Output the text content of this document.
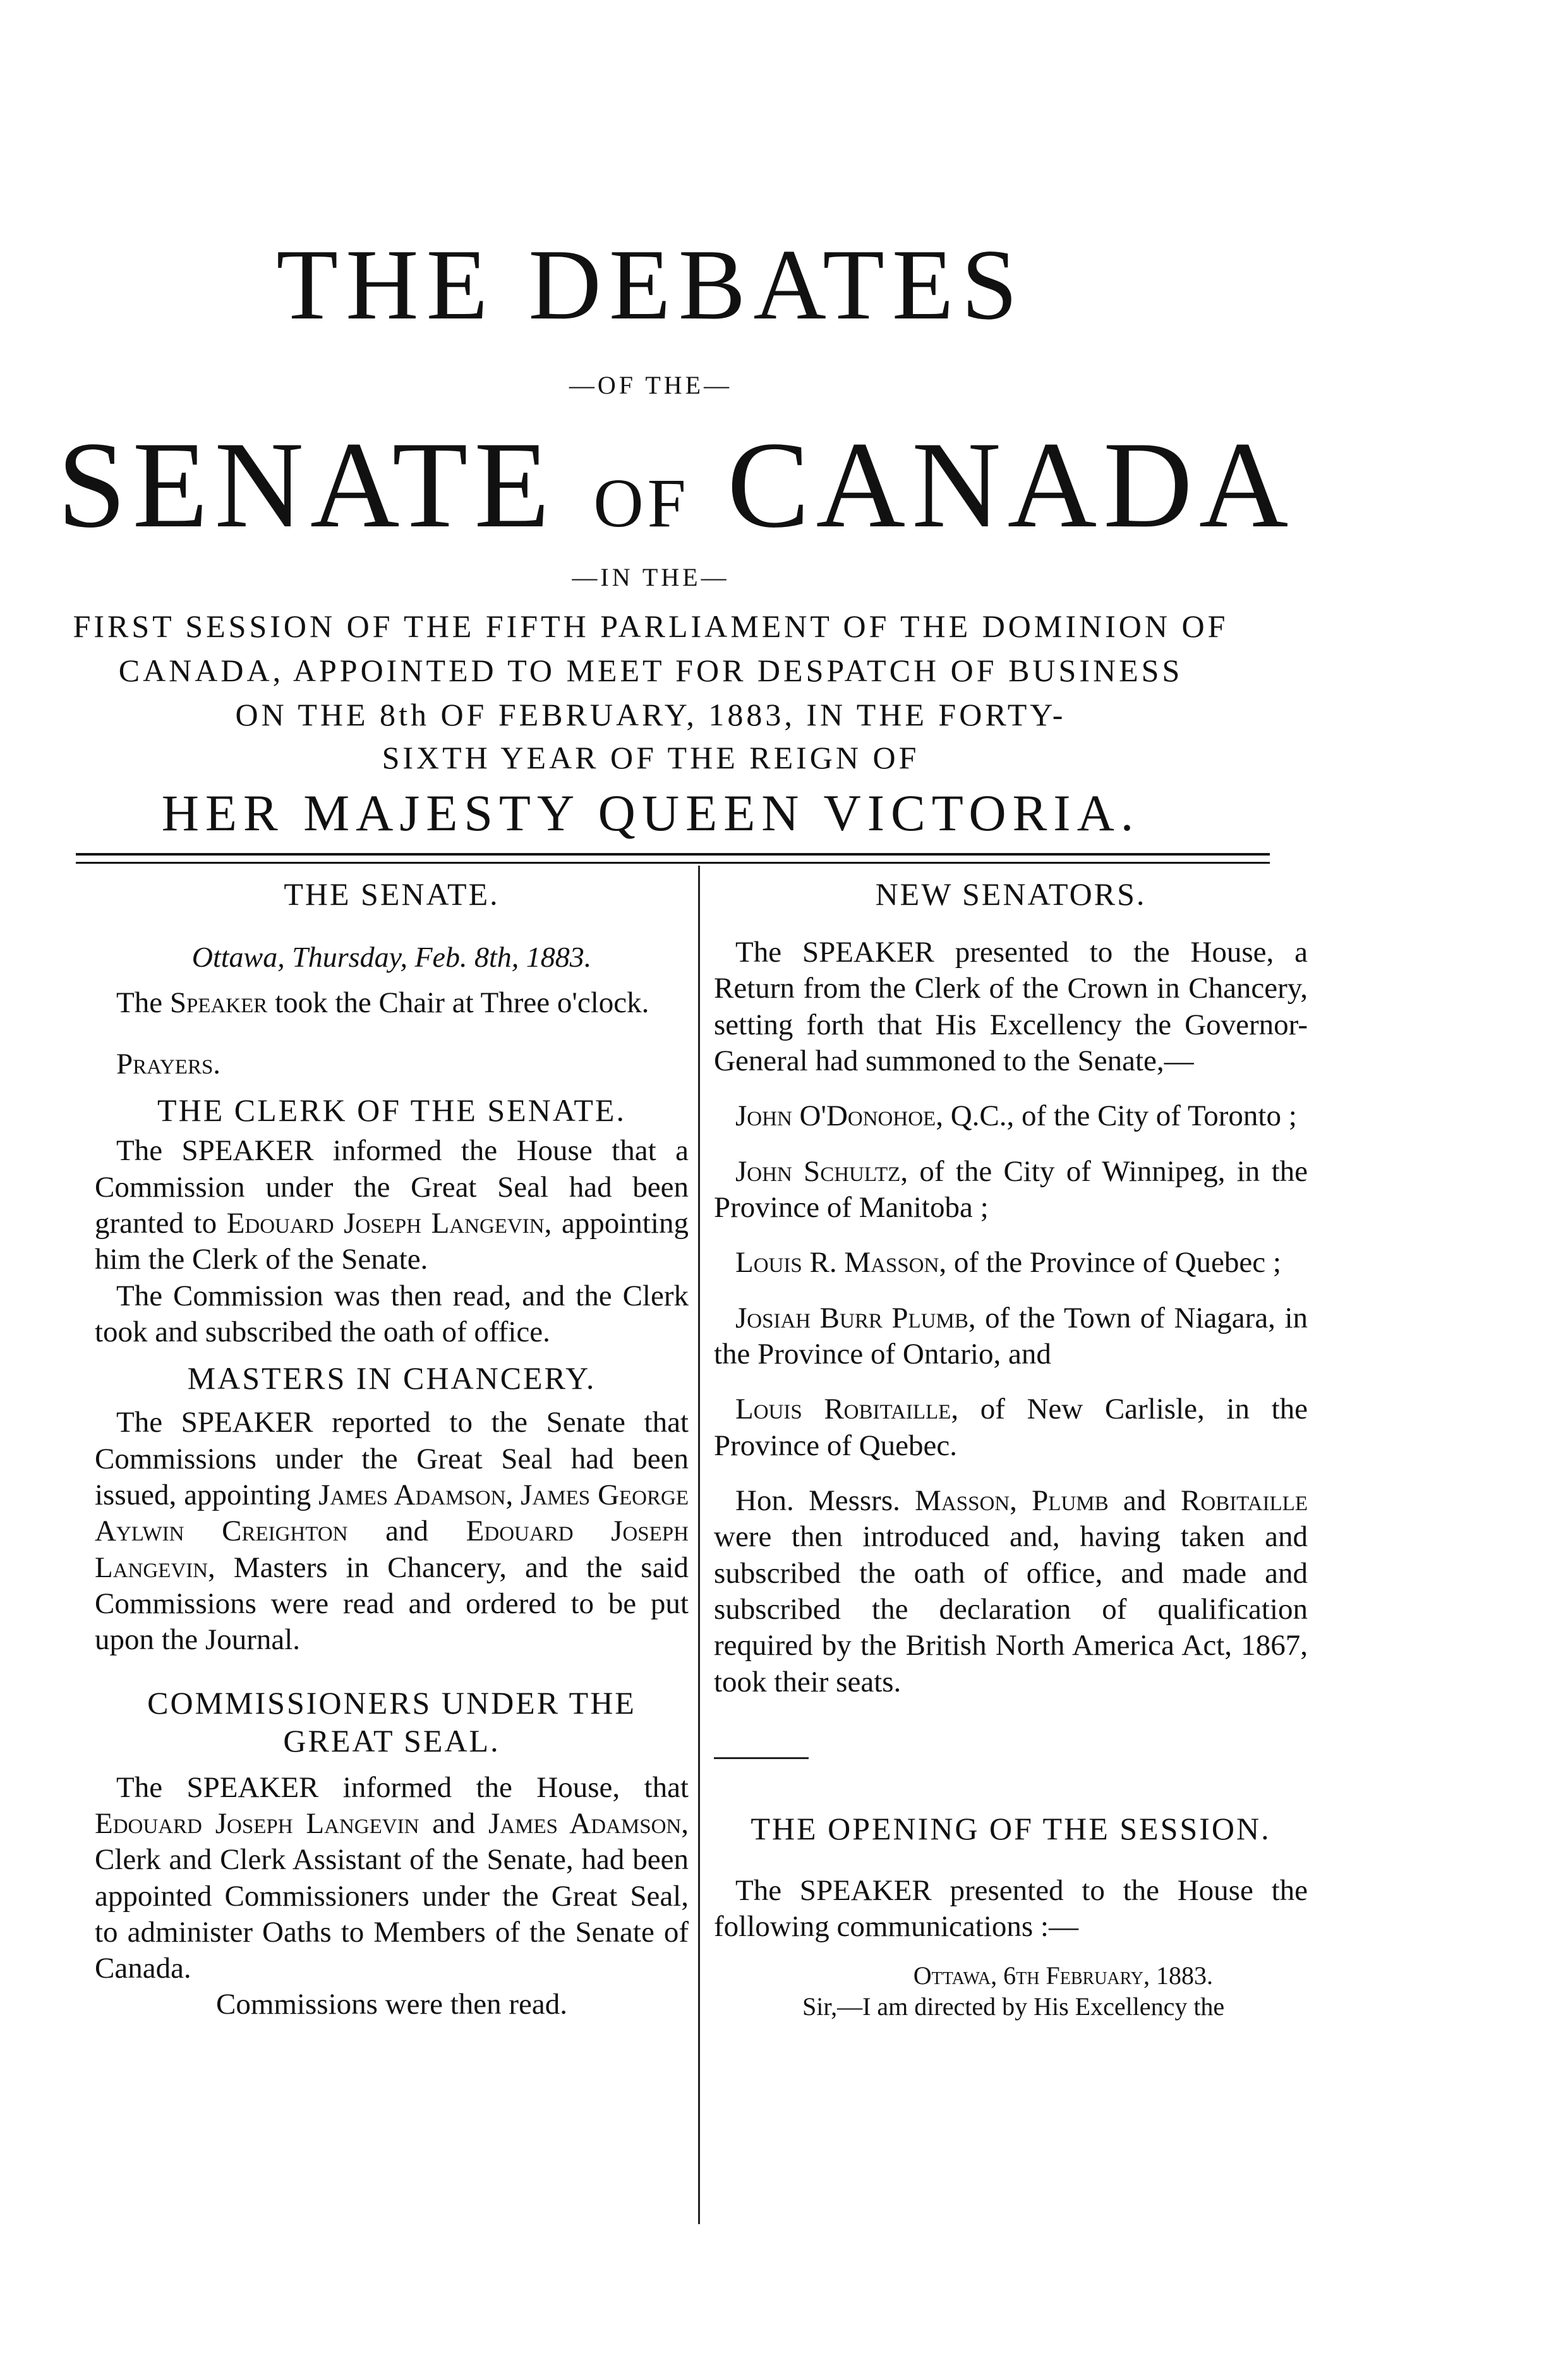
THE DEBATES
—OF THE—
SENATE OF CANADA
—IN THE—
FIRST SESSION OF THE FIFTH PARLIAMENT OF THE DOMINION OF
CANADA, APPOINTED TO MEET FOR DESPATCH OF BUSINESS
ON THE 8th OF FEBRUARY, 1883, IN THE FORTY-
SIXTH YEAR OF THE REIGN OF
HER MAJESTY QUEEN VICTORIA.
THE SENATE.
Ottawa, Thursday, Feb. 8th, 1883.

The Speaker took the Chair at Three o'clock.

Prayers.

THE CLERK OF THE SENATE.

The SPEAKER informed the House that a Commission under the Great Seal had been granted to Edouard Joseph Langevin, appointing him the Clerk of the Senate.

The Commission was then read, and the Clerk took and subscribed the oath of office.

MASTERS IN CHANCERY.

The SPEAKER reported to the Senate that Commissions under the Great Seal had been issued, appointing James Adamson, James George Aylwin Creighton and Edouard Joseph Langevin, Masters in Chancery, and the said Commissions were read and ordered to be put upon the Journal.

COMMISSIONERS UNDER THE GREAT SEAL.

The SPEAKER informed the House, that Edouard Joseph Langevin and James Adamson, Clerk and Clerk Assistant of the Senate, had been appointed Commissioners under the Great Seal, to administer Oaths to Members of the Senate of Canada.

Commissions were then read.
NEW SENATORS.

The SPEAKER presented to the House, a Return from the Clerk of the Crown in Chancery, setting forth that His Excellency the Governor-General had summoned to the Senate,—

John O'Donohoe, Q.C., of the City of Toronto ;

John Schultz, of the City of Winnipeg, in the Province of Manitoba ;

Louis R. Masson, of the Province of Quebec ;

Josiah Burr Plumb, of the Town of Niagara, in the Province of Ontario, and

Louis Robitaille, of New Carlisle, in the Province of Quebec.

Hon. Messrs. Masson, Plumb and Robitaille were then introduced and, having taken and subscribed the oath of office, and made and subscribed the declaration of qualification required by the British North America Act, 1867, took their seats.

THE OPENING OF THE SESSION.

The SPEAKER presented to the House the following communications :—

Ottawa, 6th February, 1883.
Sir,—I am directed by His Excellency the
